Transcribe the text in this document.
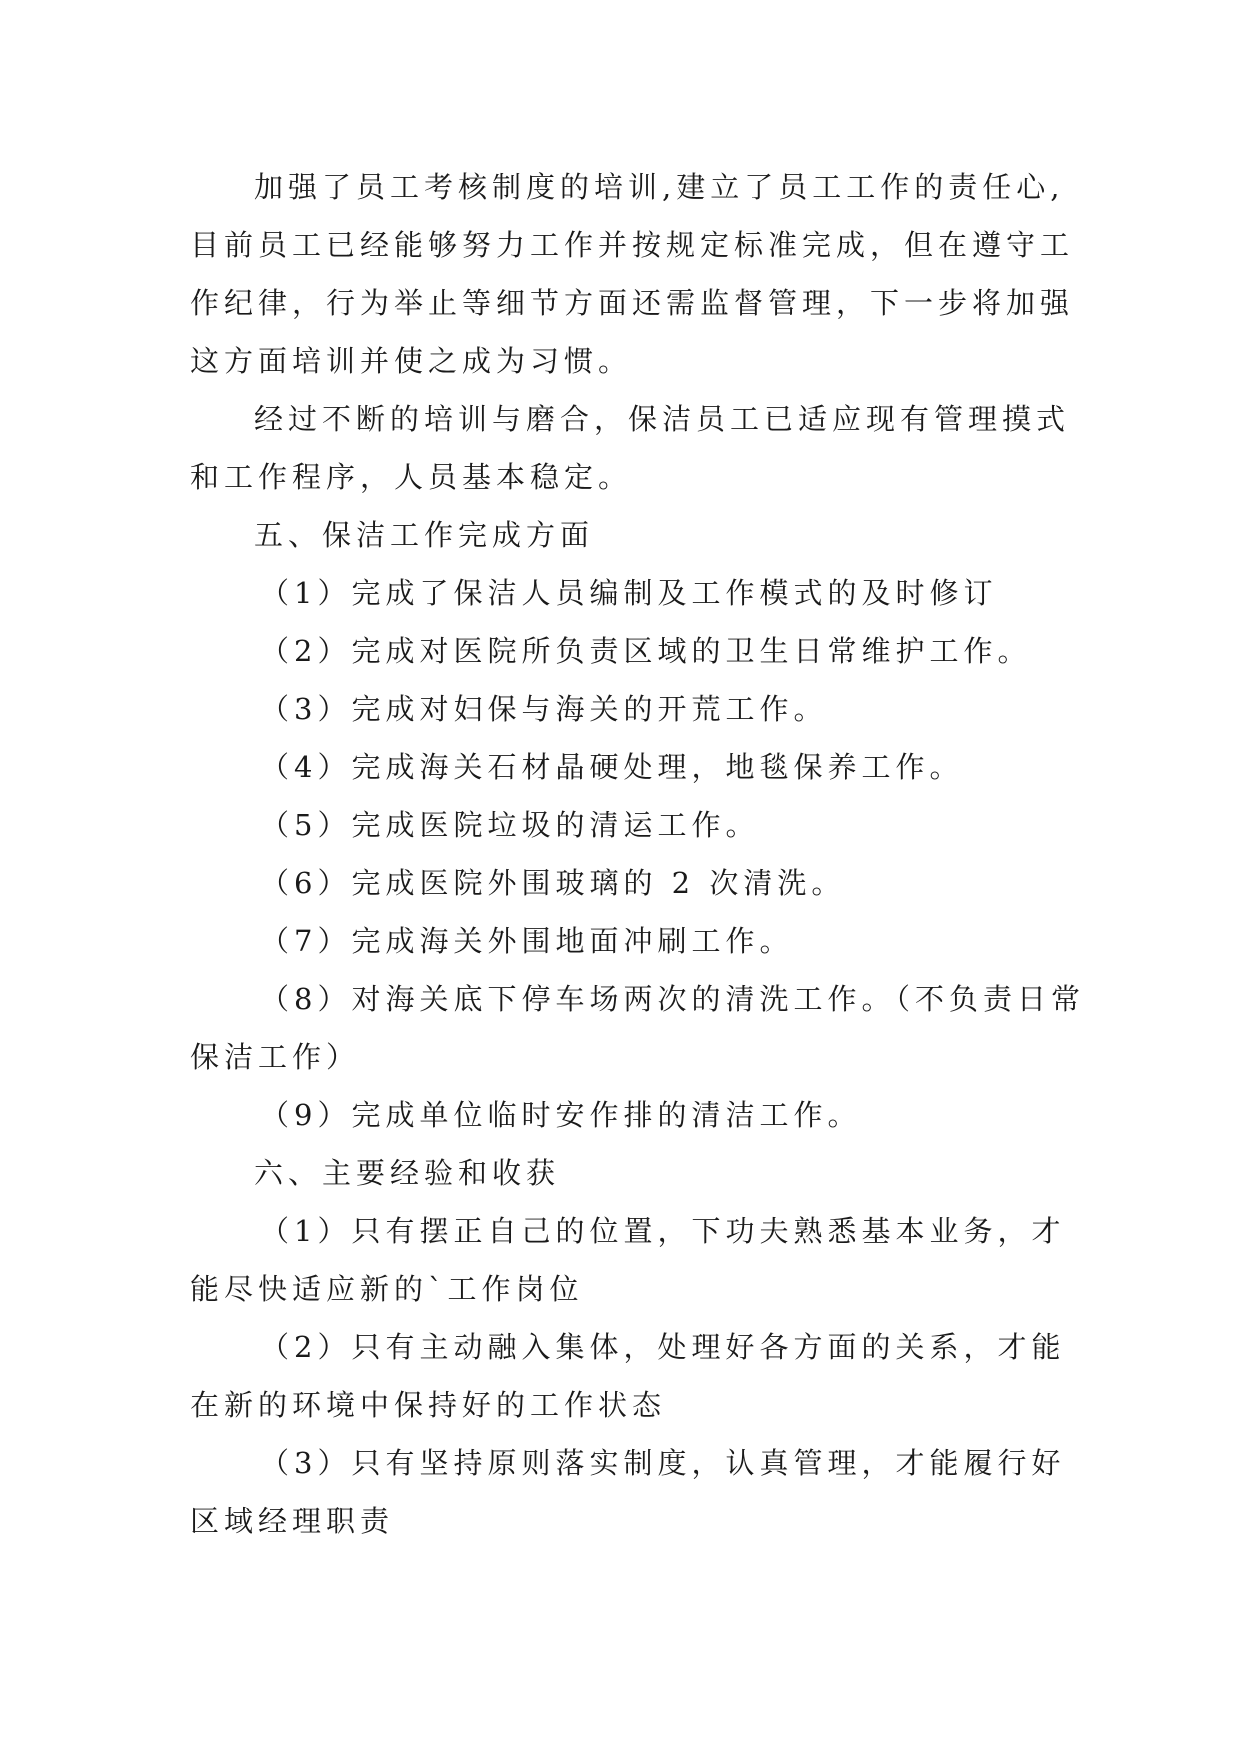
加强了员工考核制度的培训,建立了员工工作的责任心,
目前员工已经能够努力工作并按规定标准完成，但在遵守工
作纪律，行为举止等细节方面还需监督管理，下一步将加强
这方面培训并使之成为习惯。
经过不断的培训与磨合，保洁员工已适应现有管理摸式
和工作程序，人员基本稳定。
五、保洁工作完成方面
（1）完成了保洁人员编制及工作模式的及时修订
（2）完成对医院所负责区域的卫生日常维护工作。
（3）完成对妇保与海关的开荒工作。
（4）完成海关石材晶硬处理，地毯保养工作。
（5）完成医院垃圾的清运工作。
（6）完成医院外围玻璃的 2 次清洗。
（7）完成海关外围地面冲刷工作。
（8）对海关底下停车场两次的清洗工作。（不负责日常
保洁工作）
（9）完成单位临时安作排的清洁工作。
六、主要经验和收获
（1）只有摆正自己的位置，下功夫熟悉基本业务，才
能尽快适应新的`工作岗位
（2）只有主动融入集体，处理好各方面的关系，才能
在新的环境中保持好的工作状态
（3）只有坚持原则落实制度，认真管理，才能履行好
区域经理职责
